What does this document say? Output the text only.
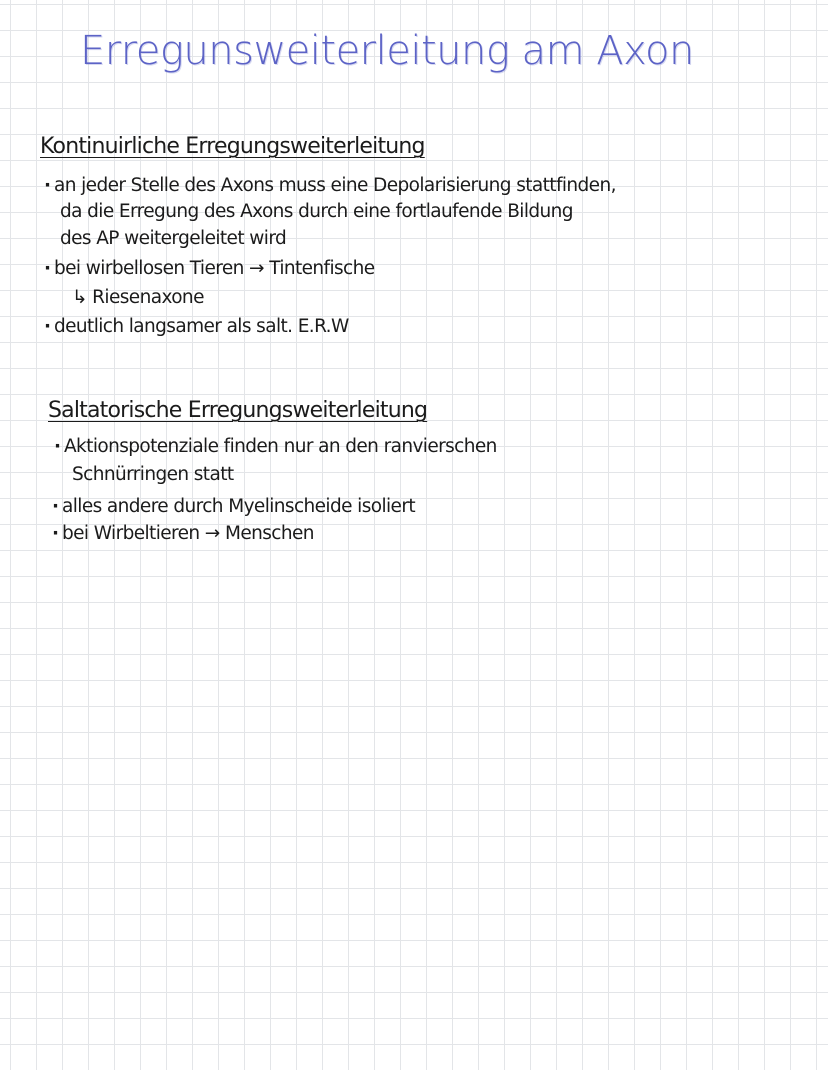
Erregunsweiterleitung am Axon
Kontinuirliche Erregungsweiterleitung
· an jeder Stelle des Axons muss eine Depolarisierung stattfinden,
da die Erregung des Axons durch eine fortlaufende Bildung
des AP weitergeleitet wird
· bei wirbellosen Tieren → Tintenfische
↳ Riesenaxone
· deutlich langsamer als salt. E.R.W
Saltatorische Erregungsweiterleitung
· Aktionspotenziale finden nur an den ranvierschen
Schnürringen statt
· alles andere durch Myelinscheide isoliert
· bei Wirbeltieren → Menschen
